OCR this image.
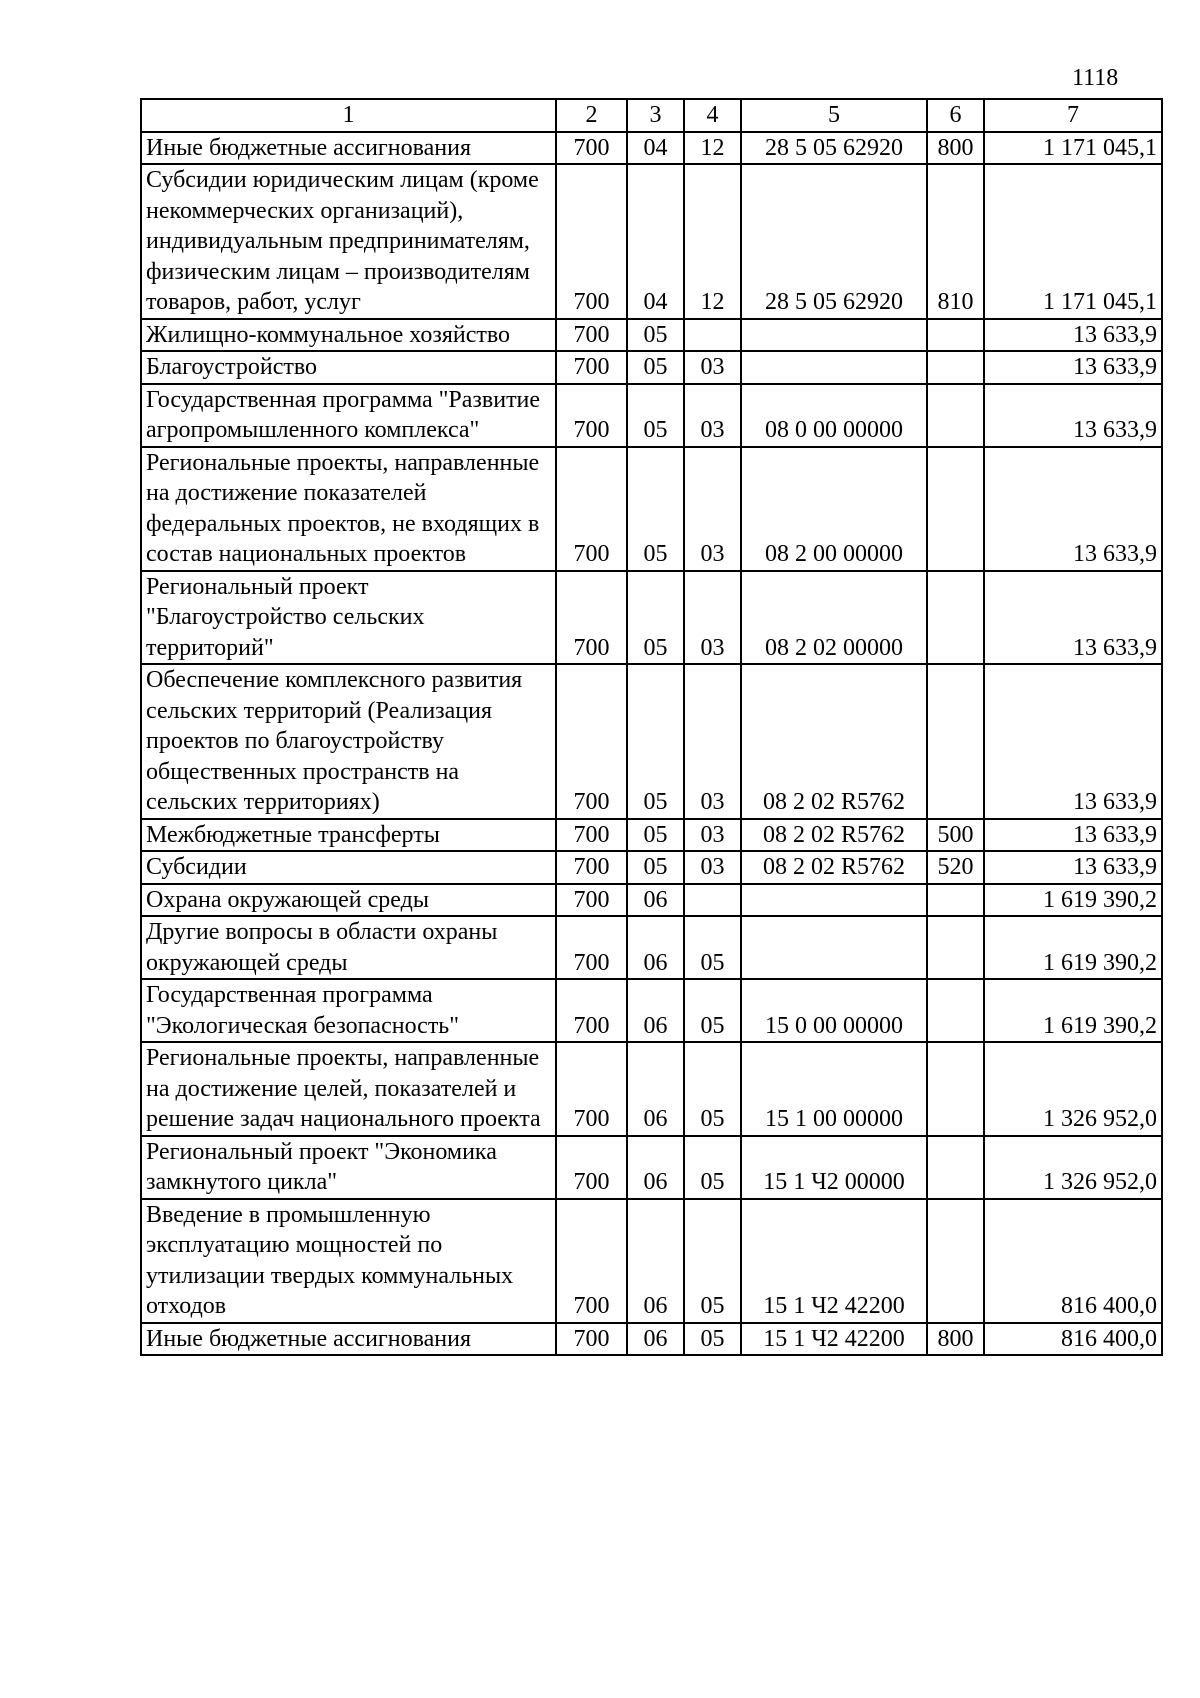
1118
1	2	3	4	5	6	7
Иные бюджетные ассигнования	700	04	12	28 5 05 62920	800	1 171 045,1
Субсидии юридическим лицам (кроме некоммерческих организаций), индивидуальным предпринимателям, физическим лицам – производителям товаров, работ, услуг	700	04	12	28 5 05 62920	810	1 171 045,1
Жилищно-коммунальное хозяйство	700	05				13 633,9
Благоустройство	700	05	03			13 633,9
Государственная программа "Развитие агропромышленного комплекса"	700	05	03	08 0 00 00000		13 633,9
Региональные проекты, направленные на достижение показателей федеральных проектов, не входящих в состав национальных проектов	700	05	03	08 2 00 00000		13 633,9
Региональный проект "Благоустройство сельских территорий"	700	05	03	08 2 02 00000		13 633,9
Обеспечение комплексного развития сельских территорий (Реализация проектов по благоустройству общественных пространств на сельских территориях)	700	05	03	08 2 02 R5762		13 633,9
Межбюджетные трансферты	700	05	03	08 2 02 R5762	500	13 633,9
Субсидии	700	05	03	08 2 02 R5762	520	13 633,9
Охрана окружающей среды	700	06				1 619 390,2
Другие вопросы в области охраны окружающей среды	700	06	05			1 619 390,2
Государственная программа "Экологическая безопасность"	700	06	05	15 0 00 00000		1 619 390,2
Региональные проекты, направленные на достижение целей, показателей и решение задач национального проекта	700	06	05	15 1 00 00000		1 326 952,0
Региональный проект "Экономика замкнутого цикла"	700	06	05	15 1 Ч2 00000		1 326 952,0
Введение в промышленную эксплуатацию мощностей по утилизации твердых коммунальных отходов	700	06	05	15 1 Ч2 42200		816 400,0
Иные бюджетные ассигнования	700	06	05	15 1 Ч2 42200	800	816 400,0
